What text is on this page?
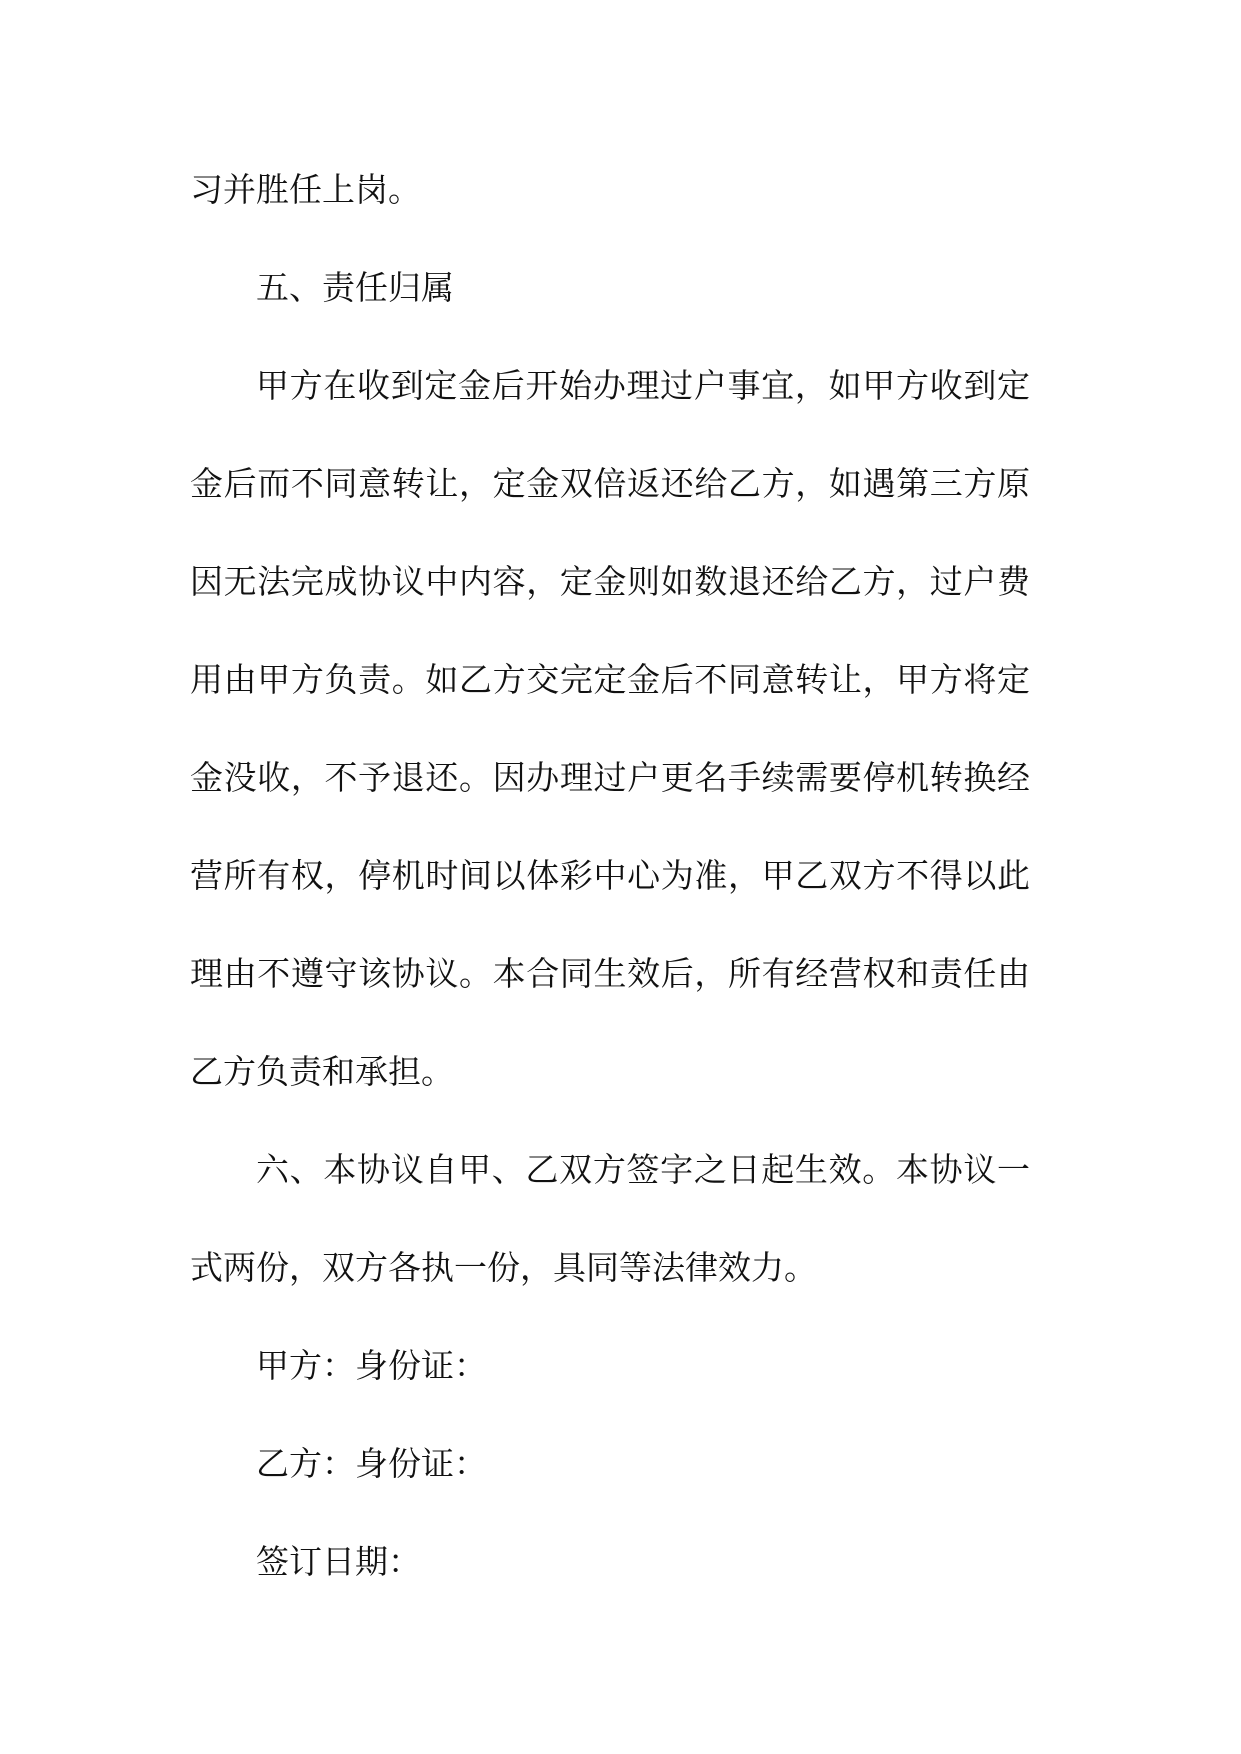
习并胜任上岗。
五、责任归属
甲方在收到定金后开始办理过户事宜，如甲方收到定
金后而不同意转让，定金双倍返还给乙方，如遇第三方原
因无法完成协议中内容，定金则如数退还给乙方，过户费
用由甲方负责。如乙方交完定金后不同意转让，甲方将定
金没收，不予退还。因办理过户更名手续需要停机转换经
营所有权，停机时间以体彩中心为准，甲乙双方不得以此
理由不遵守该协议。本合同生效后，所有经营权和责任由
乙方负责和承担。
六、本协议自甲、乙双方签字之日起生效。本协议一
式两份，双方各执一份，具同等法律效力。
甲方：身份证：
乙方：身份证：
签订日期：
